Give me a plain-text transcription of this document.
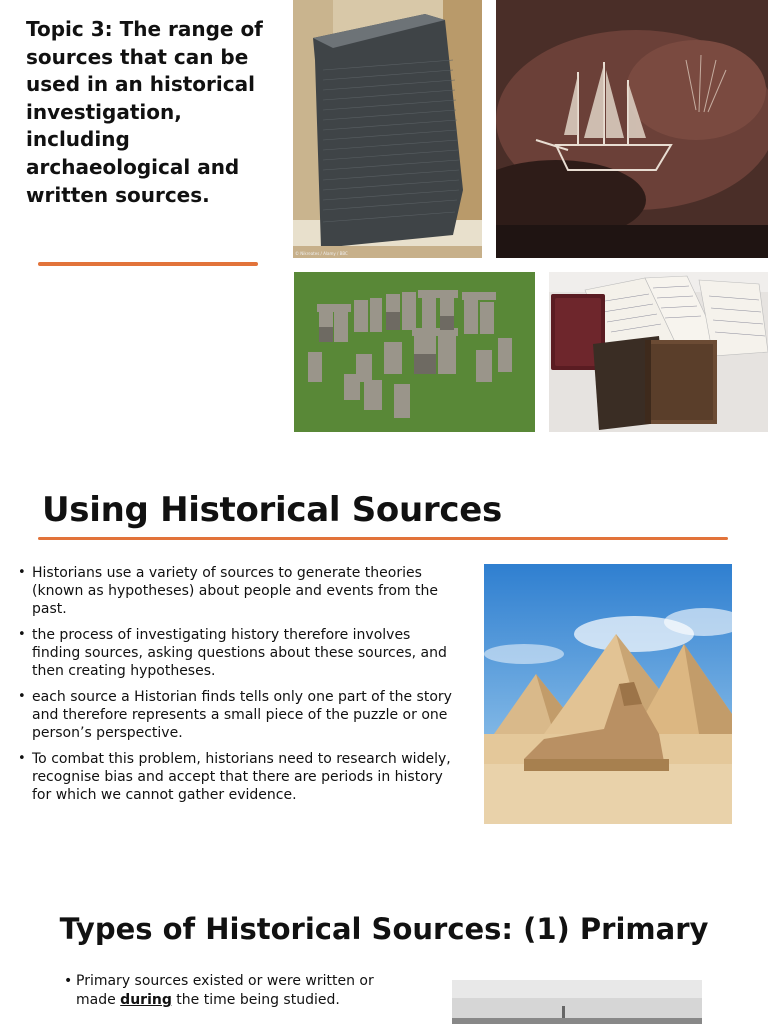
Topic 3: The range of sources that can be used in an historical investigation, including archaeological and written sources.
© Nikreates / Alamy / BBC
Using Historical Sources
• Historians use a variety of sources to generate theories (known as hypotheses) about people and events from the past.
• the process of investigating history therefore involves finding sources, asking questions about these sources, and then creating hypotheses.
• each source a Historian finds tells only one part of the story and therefore represents a small piece of the puzzle or one person’s perspective.
• To combat this problem, historians need to research widely, recognise bias and accept that there are periods in history for which we cannot gather evidence.
Types of Historical Sources: (1) Primary
• Primary sources existed or were written or made during the time being studied.
